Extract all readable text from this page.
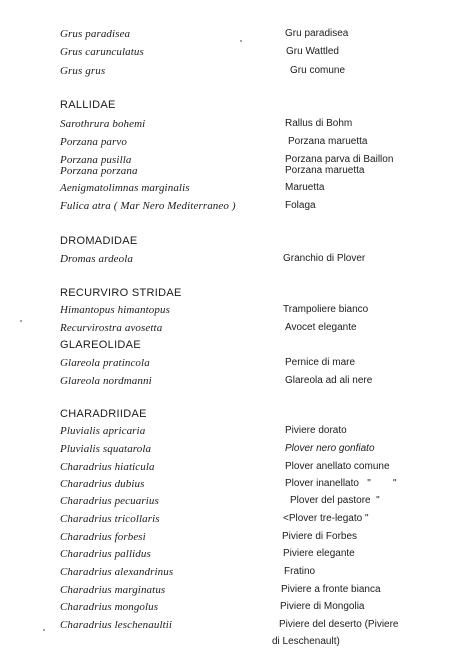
Grus paradisea	Gru paradisea
Grus carunculatus	Gru Wattled
Grus grus	Gru comune
RALLIDAE
Sarothrura bohemi	Rallus di Bohm
Porzana parvo	Porzana maruetta
Porzana pusilla	Porzana parva di Baillon
Porzana porzana	Porzana maruetta
Aenigmatolimnas marginalis	Maruetta
Fulica atra ( Mar Nero Mediterraneo )	Folaga
DROMADIDAE
Dromas ardeola	Granchio di Plover
RECURVIRO STRIDAE
Himantopus himantopus	Trampoliere bianco
Recurvirostra avosetta	Avocet elegante
GLAREOLIDAE
Glareola pratincola	Pernice di mare
Glareola nordmanni	Glareola ad ali nere
CHARADRIIDAE
Pluvialis apricaria	Piviere dorato
Pluvialis squatarola	Plover nero gonfiato
Charadrius hiaticula	Plover anellato comune
Charadrius dubius	Plover inanellato   "        "
Charadrius pecuarius	Plover del pastore  "
Charadrius tricollaris	<Plover tre-legato "
Charadrius forbesi	Piviere di Forbes
Charadrius pallidus	Piviere elegante
Charadrius alexandrinus	Fratino
Charadrius marginatus	Piviere a fronte bianca
Charadrius mongolus	Piviere di Mongolia
Charadrius leschenaultii	Piviere del deserto (Piviere
di Leschenault)
